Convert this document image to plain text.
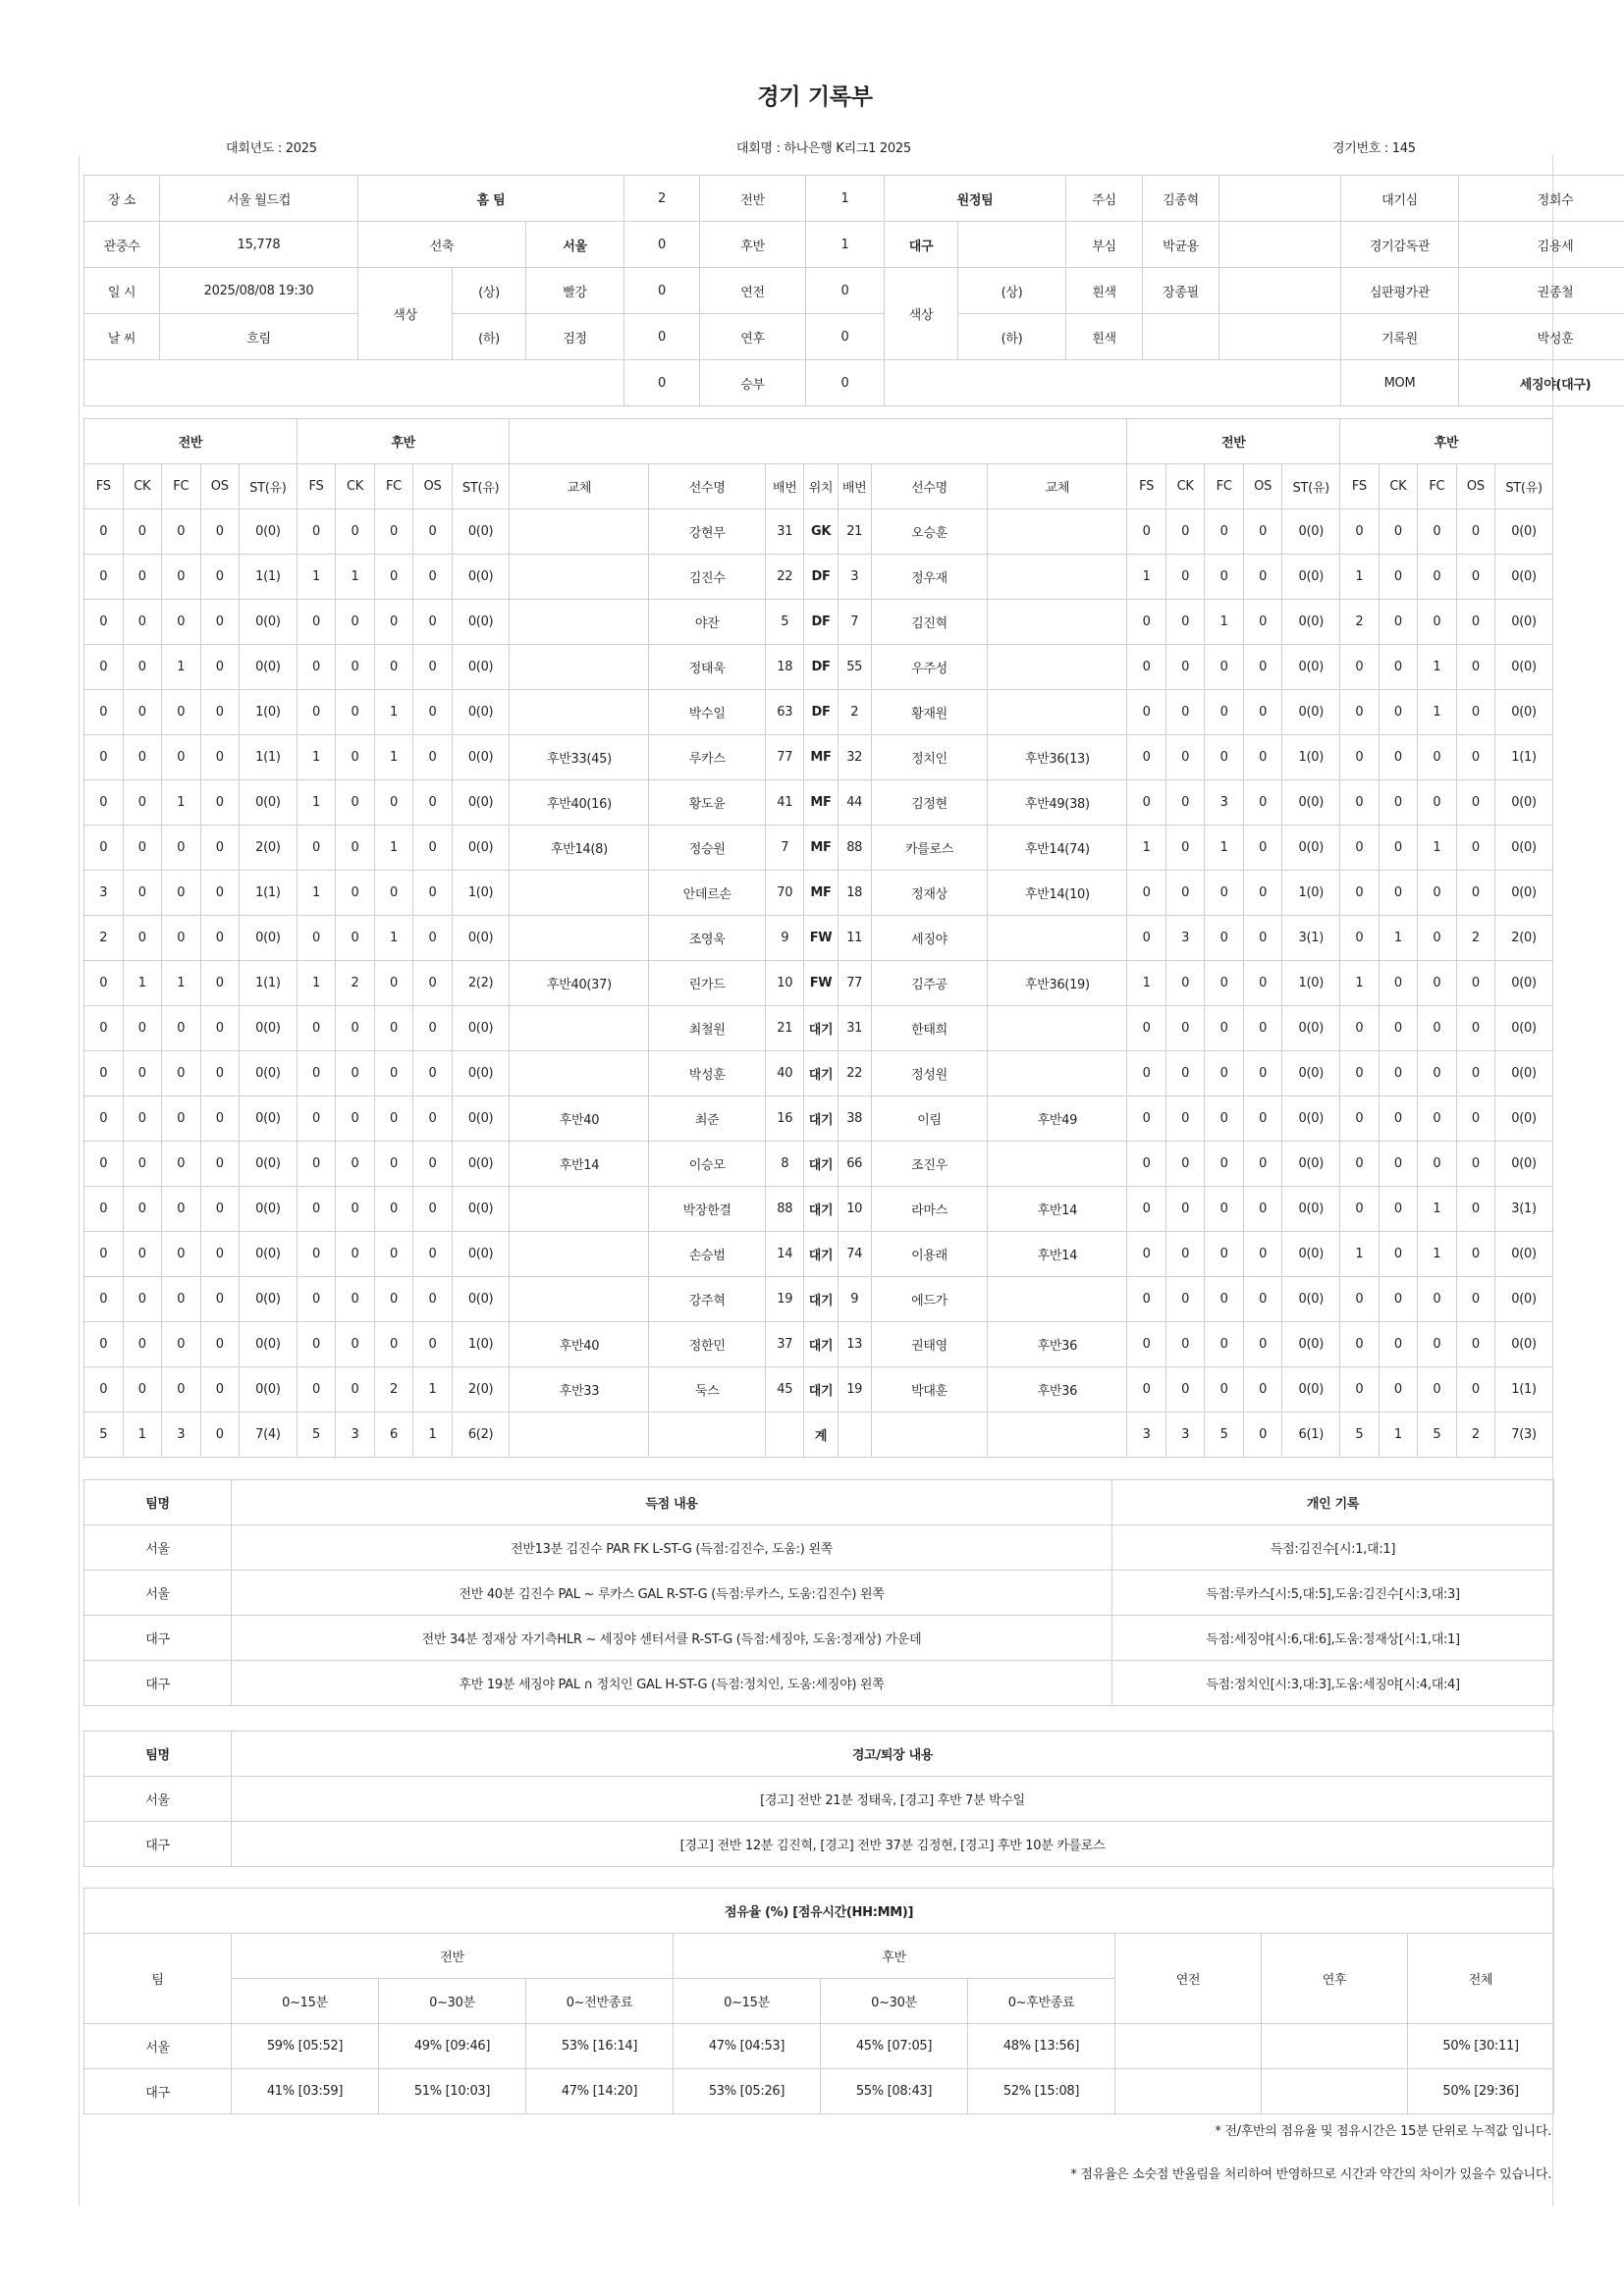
경기 기록부
대회년도 : 2025	대회명 : 하나은행 K리그1 2025	경기번호 : 145
장 소	서울 월드컵	홈 팀			2	전반	1	원정팀		주심	김종혁		대기심	정회수
관중수	15,778	선축		서울	0	후반	1	대구		부심	박균용		경기감독관	김용세
일 시	2025/08/08 19:30	색상	(상)	빨강	0	연전	0	색상	(상)	흰색	장종필		심판평가관	권종철
날 씨	흐림		(하)	검정	0	연후	0		(하)	흰색			기록원	박성훈
					0	승부	0						MOM	세징야(대구)
전반					후반												전반					후반				
FS	CK	FC	OS	ST(유)	FS	CK	FC	OS	ST(유)	교체	선수명	배번	위치	배번	선수명	교체	FS	CK	FC	OS	ST(유)	FS	CK	FC	OS	ST(유)
0	0	0	0	0(0)	0	0	0	0	0(0)		강현무	31	GK	21	오승훈		0	0	0	0	0(0)	0	0	0	0	0(0)
0	0	0	0	1(1)	1	1	0	0	0(0)		김진수	22	DF	3	정우재		1	0	0	0	0(0)	1	0	0	0	0(0)
0	0	0	0	0(0)	0	0	0	0	0(0)		야잔	5	DF	7	김진혁		0	0	1	0	0(0)	2	0	0	0	0(0)
0	0	1	0	0(0)	0	0	0	0	0(0)		정태욱	18	DF	55	우주성		0	0	0	0	0(0)	0	0	1	0	0(0)
0	0	0	0	1(0)	0	0	1	0	0(0)		박수일	63	DF	2	황재원		0	0	0	0	0(0)	0	0	1	0	0(0)
0	0	0	0	1(1)	1	0	1	0	0(0)	후반33(45)	루카스	77	MF	32	정치인	후반36(13)	0	0	0	0	1(0)	0	0	0	0	1(1)
0	0	1	0	0(0)	1	0	0	0	0(0)	후반40(16)	황도윤	41	MF	44	김정현	후반49(38)	0	0	3	0	0(0)	0	0	0	0	0(0)
0	0	0	0	2(0)	0	0	1	0	0(0)	후반14(8)	정승원	7	MF	88	카를로스	후반14(74)	1	0	1	0	0(0)	0	0	1	0	0(0)
3	0	0	0	1(1)	1	0	0	0	1(0)		안데르손	70	MF	18	정재상	후반14(10)	0	0	0	0	1(0)	0	0	0	0	0(0)
2	0	0	0	0(0)	0	0	1	0	0(0)		조영욱	9	FW	11	세징야		0	3	0	0	3(1)	0	1	0	2	2(0)
0	1	1	0	1(1)	1	2	0	0	2(2)	후반40(37)	린가드	10	FW	77	김주공	후반36(19)	1	0	0	0	1(0)	1	0	0	0	0(0)
0	0	0	0	0(0)	0	0	0	0	0(0)		최철원	21	대기	31	한태희		0	0	0	0	0(0)	0	0	0	0	0(0)
0	0	0	0	0(0)	0	0	0	0	0(0)		박성훈	40	대기	22	정성원		0	0	0	0	0(0)	0	0	0	0	0(0)
0	0	0	0	0(0)	0	0	0	0	0(0)	후반40	최준	16	대기	38	이림	후반49	0	0	0	0	0(0)	0	0	0	0	0(0)
0	0	0	0	0(0)	0	0	0	0	0(0)	후반14	이승모	8	대기	66	조진우		0	0	0	0	0(0)	0	0	0	0	0(0)
0	0	0	0	0(0)	0	0	0	0	0(0)		박장한결	88	대기	10	라마스	후반14	0	0	0	0	0(0)	0	0	1	0	3(1)
0	0	0	0	0(0)	0	0	0	0	0(0)		손승범	14	대기	74	이용래	후반14	0	0	0	0	0(0)	1	0	1	0	0(0)
0	0	0	0	0(0)	0	0	0	0	0(0)		강주혁	19	대기	9	에드가		0	0	0	0	0(0)	0	0	0	0	0(0)
0	0	0	0	0(0)	0	0	0	0	1(0)	후반40	정한민	37	대기	13	권태영	후반36	0	0	0	0	0(0)	0	0	0	0	0(0)
0	0	0	0	0(0)	0	0	2	1	2(0)	후반33	둑스	45	대기	19	박대훈	후반36	0	0	0	0	0(0)	0	0	0	0	1(1)
5	1	3	0	7(4)	5	3	6	1	6(2)				계				3	3	5	0	6(1)	5	1	5	2	7(3)
팀명	득점 내용	개인 기록
서울	전반13분 김진수 PAR FK L-ST-G (득점:김진수, 도움:) 왼쪽	득점:김진수[시:1,대:1]
서울	전반 40분 김진수 PAL ~ 루카스 GAL R-ST-G (득점:루카스, 도움:김진수) 왼쪽	득점:루카스[시:5,대:5],도움:김진수[시:3,대:3]
대구	전반 34분 정재상 자기측HLR ~ 세징야 센터서클 R-ST-G (득점:세징야, 도움:정재상) 가운데	득점:세징야[시:6,대:6],도움:정재상[시:1,대:1]
대구	후반 19분 세징야 PAL ∩ 정치인 GAL H-ST-G (득점:정치인, 도움:세징야) 왼쪽	득점:정치인[시:3,대:3],도움:세징야[시:4,대:4]
팀명	경고/퇴장 내용
서울	[경고] 전반 21분 정태욱, [경고] 후반 7분 박수일
대구	[경고] 전반 12분 김진혁, [경고] 전반 37분 김정현, [경고] 후반 10분 카를로스
점유율 (%) [점유시간(HH:MM)]									
팀	전반			후반			연전	연후	전체
	0~15분	0~30분	0~전반종료	0~15분	0~30분	0~후반종료			
서울	59% [05:52]	49% [09:46]	53% [16:14]	47% [04:53]	45% [07:05]	48% [13:56]			50% [30:11]
대구	41% [03:59]	51% [10:03]	47% [14:20]	53% [05:26]	55% [08:43]	52% [15:08]			50% [29:36]
* 전/후반의 점유율 및 점유시간은 15분 단위로 누적값 입니다.
* 점유율은 소숫점 반올림을 처리하여 반영하므로 시간과 약간의 차이가 있을수 있습니다.
